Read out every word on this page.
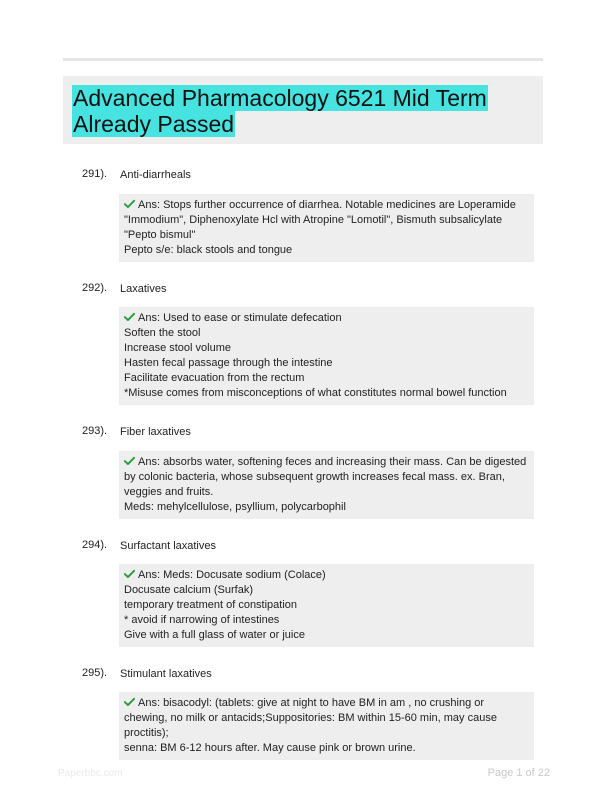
Advanced Pharmacology 6521 Mid Term Already Passed
291). Anti-diarrheals
Ans: Stops further occurrence of diarrhea. Notable medicines are Loperamide "Immodium", Diphenoxylate Hcl with Atropine "Lomotil", Bismuth subsalicylate "Pepto bismul"
Pepto s/e: black stools and tongue
292). Laxatives
Ans: Used to ease or stimulate defecation
Soften the stool
Increase stool volume
Hasten fecal passage through the intestine
Facilitate evacuation from the rectum
*Misuse comes from misconceptions of what constitutes normal bowel function
293). Fiber laxatives
Ans: absorbs water, softening feces and increasing their mass. Can be digested by colonic bacteria, whose subsequent growth increases fecal mass. ex. Bran, veggies and fruits.
Meds: mehylcellulose, psyllium, polycarbophil
294). Surfactant laxatives
Ans: Meds: Docusate sodium (Colace)
Docusate calcium (Surfak)
temporary treatment of constipation
* avoid if narrowing of intestines
Give with a full glass of water or juice
295). Stimulant laxatives
Ans: bisacodyl: (tablets: give at night to have BM in am , no crushing or chewing, no milk or antacids;Suppositories: BM within 15-60 min, may cause proctitis);
senna: BM 6-12 hours after. May cause pink or brown urine.
Paperbbc.com	Page 1 of 22
